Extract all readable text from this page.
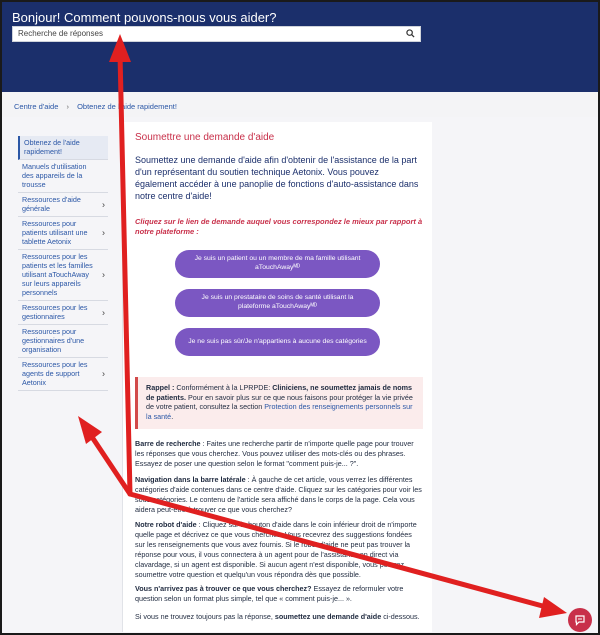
Bonjour! Comment pouvons-nous vous aider?
Recherche de réponses
Centre d'aide › Obtenez de l'aide rapidement!
Obtenez de l'aide rapidement!
Manuels d'utilisation des appareils de la trousse
Ressources d'aide générale	›
Ressources pour patients utilisant une tablette Aetonix
›
Ressources pour les patients et les familles utilisant aTouchAway sur leurs appareils personnels
›
Ressources pour les gestionnaires	›
Ressources pour gestionnaires d'une organisation
Ressources pour les agents de support Aetonix
›
Soumettre une demande d'aide
Soumettez une demande d'aide afin d'obtenir de l'assistance de la part d'un représentant du soutien technique Aetonix. Vous pouvez également accéder à une panoplie de fonctions d'auto-assistance dans notre centre d'aide!
Cliquez sur le lien de demande auquel vous correspondez le mieux par rapport à notre plateforme :
Je suis un patient ou un membre de ma famille utilisant aTouchAwayᴹᴰ
Je suis un prestataire de soins de santé utilisant la plateforme aTouchAwayᴹᴰ
Je ne suis pas sûr/Je n'appartiens à aucune des catégories
Rappel : Conformément à la LPRPDE: Cliniciens, ne soumettez jamais de noms de patients. Pour en savoir plus sur ce que nous faisons pour protéger la vie privée de votre patient, consultez la section Protection des renseignements personnels sur la santé.
Barre de recherche : Faites une recherche partir de n'importe quelle page pour trouver les réponses que vous cherchez. Vous pouvez utiliser des mots-clés ou des phrases. Essayez de poser une question selon le format "comment puis-je... ?".
Navigation dans la barre latérale : À gauche de cet article, vous verrez les différentes catégories d'aide contenues dans ce centre d'aide. Cliquez sur les catégories pour voir les sous-catégories. Le contenu de l'article sera affiché dans le corps de la page. Cela vous aidera peut-être à trouver ce que vous cherchez?
Notre robot d'aide : Cliquez sur le bouton d'aide dans le coin inférieur droit de n'importe quelle page et décrivez ce que vous cherchez. Vous recevrez des suggestions fondées sur les renseignements que vous avez fournis. Si le robot d'aide ne peut pas trouver la réponse pour vous, il vous connectera à un agent pour de l'assistance en direct via clavardage, si un agent est disponible. Si aucun agent n'est disponible, vous pourrez soumettre votre question et quelqu'un vous répondra dès que possible.
Vous n'arrivez pas à trouver ce que vous cherchez? Essayez de reformuler votre question selon un format plus simple, tel que « comment puis-je... ».
Si vous ne trouvez toujours pas la réponse, soumettez une demande d'aide ci-dessous.
